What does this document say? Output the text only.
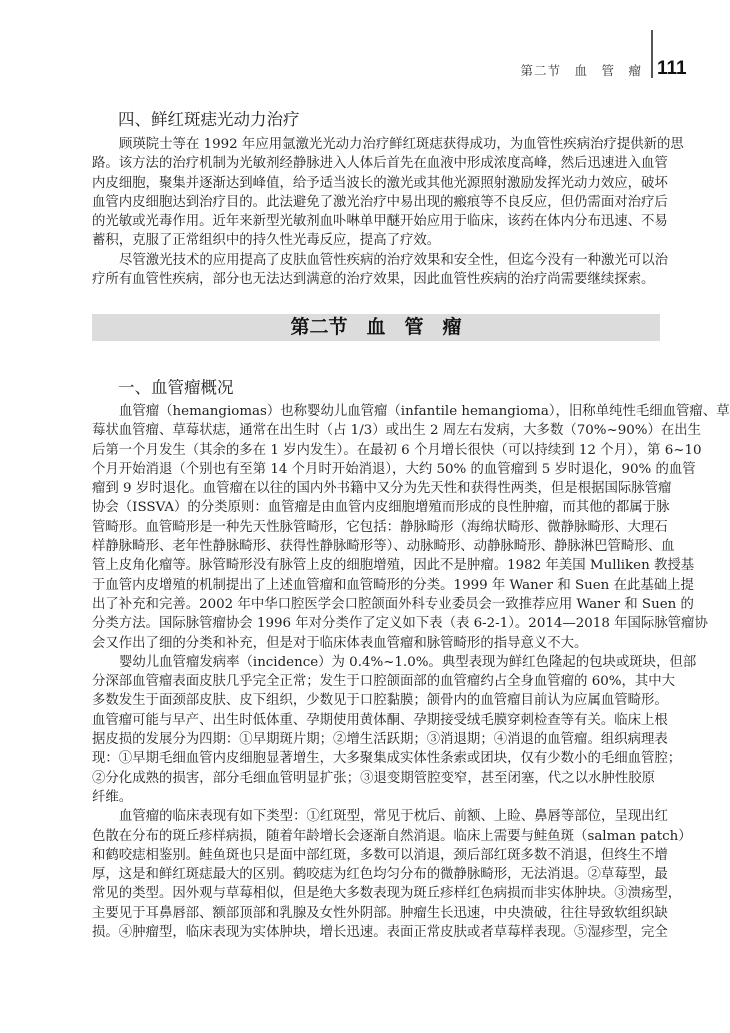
第二节　血　管　瘤 111
四、鲜红斑痣光动力治疗
顾瑛院士等在 1992 年应用氩激光光动力治疗鲜红斑痣获得成功，为血管性疾病治疗提供新的思
路。该方法的治疗机制为光敏剂经静脉进入人体后首先在血液中形成浓度高峰，然后迅速进入血管
内皮细胞，聚集并逐渐达到峰值，给予适当波长的激光或其他光源照射激励发挥光动力效应，破坏
血管内皮细胞达到治疗目的。此法避免了激光治疗中易出现的瘢痕等不良反应，但仍需面对治疗后
的光敏或光毒作用。近年来新型光敏剂血卟啉单甲醚开始应用于临床，该药在体内分布迅速、不易
蓄积，克服了正常组织中的持久性光毒反应，提高了疗效。
尽管激光技术的应用提高了皮肤血管性疾病的治疗效果和安全性，但迄今没有一种激光可以治
疗所有血管性疾病，部分也无法达到满意的治疗效果，因此血管性疾病的治疗尚需要继续探索。
第二节　血　管　瘤
一、血管瘤概况
血管瘤（hemangiomas）也称婴幼儿血管瘤（infantile hemangioma），旧称单纯性毛细血管瘤、草
莓状血管瘤、草莓状痣，通常在出生时（占 1/3）或出生 2 周左右发病，大多数（70%~90%）在出生
后第一个月发生（其余的多在 1 岁内发生）。在最初 6 个月增长很快（可以持续到 12 个月），第 6~10
个月开始消退（个别也有至第 14 个月时开始消退），大约 50% 的血管瘤到 5 岁时退化，90% 的血管
瘤到 9 岁时退化。血管瘤在以往的国内外书籍中又分为先天性和获得性两类，但是根据国际脉管瘤
协会（ISSVA）的分类原则：血管瘤是由血管内皮细胞增殖而形成的良性肿瘤，而其他的都属于脉
管畸形。血管畸形是一种先天性脉管畸形，它包括：静脉畸形（海绵状畸形、微静脉畸形、大理石
样静脉畸形、老年性静脉畸形、获得性静脉畸形等）、动脉畸形、动静脉畸形、静脉淋巴管畸形、血
管上皮角化瘤等。脉管畸形没有脉管上皮的细胞增殖，因此不是肿瘤。1982 年美国 Mulliken 教授基
于血管内皮增殖的机制提出了上述血管瘤和血管畸形的分类。1999 年 Waner 和 Suen 在此基础上提
出了补充和完善。2002 年中华口腔医学会口腔颌面外科专业委员会一致推荐应用 Waner 和 Suen 的
分类方法。国际脉管瘤协会 1996 年对分类作了定义如下表（表 6-2-1）。2014—2018 年国际脉管瘤协
会又作出了细的分类和补充，但是对于临床体表血管瘤和脉管畸形的指导意义不大。
婴幼儿血管瘤发病率（incidence）为 0.4%~1.0%。典型表现为鲜红色隆起的包块或斑块，但部
分深部血管瘤表面皮肤几乎完全正常；发生于口腔颌面部的血管瘤约占全身血管瘤的 60%，其中大
多数发生于面颈部皮肤、皮下组织，少数见于口腔黏膜；颌骨内的血管瘤目前认为应属血管畸形。
血管瘤可能与早产、出生时低体重、孕期使用黄体酮、孕期接受绒毛膜穿刺检查等有关。临床上根
据皮损的发展分为四期：①早期斑片期；②增生活跃期；③消退期；④消退的血管瘤。组织病理表
现：①早期毛细血管内皮细胞显著增生，大多聚集成实体性条索或团块，仅有少数小的毛细血管腔；
②分化成熟的损害，部分毛细血管明显扩张；③退变期管腔变窄，甚至闭塞，代之以水肿性胶原
纤维。
血管瘤的临床表现有如下类型：①红斑型，常见于枕后、前额、上睑、鼻唇等部位，呈现出红
色散在分布的斑丘疹样病损，随着年龄增长会逐渐自然消退。临床上需要与鲑鱼斑（salman patch）
和鹤咬痣相鉴别。鲑鱼斑也只是面中部红斑，多数可以消退，颈后部红斑多数不消退，但终生不增
厚，这是和鲜红斑痣最大的区别。鹤咬痣为红色均匀分布的微静脉畸形，无法消退。②草莓型，最
常见的类型。因外观与草莓相似，但是绝大多数表现为斑丘疹样红色病损而非实体肿块。③溃疡型，
主要见于耳鼻唇部、额部顶部和乳腺及女性外阴部。肿瘤生长迅速，中央溃破，往往导致软组织缺
损。④肿瘤型，临床表现为实体肿块，增长迅速。表面正常皮肤或者草莓样表现。⑤湿疹型，完全
